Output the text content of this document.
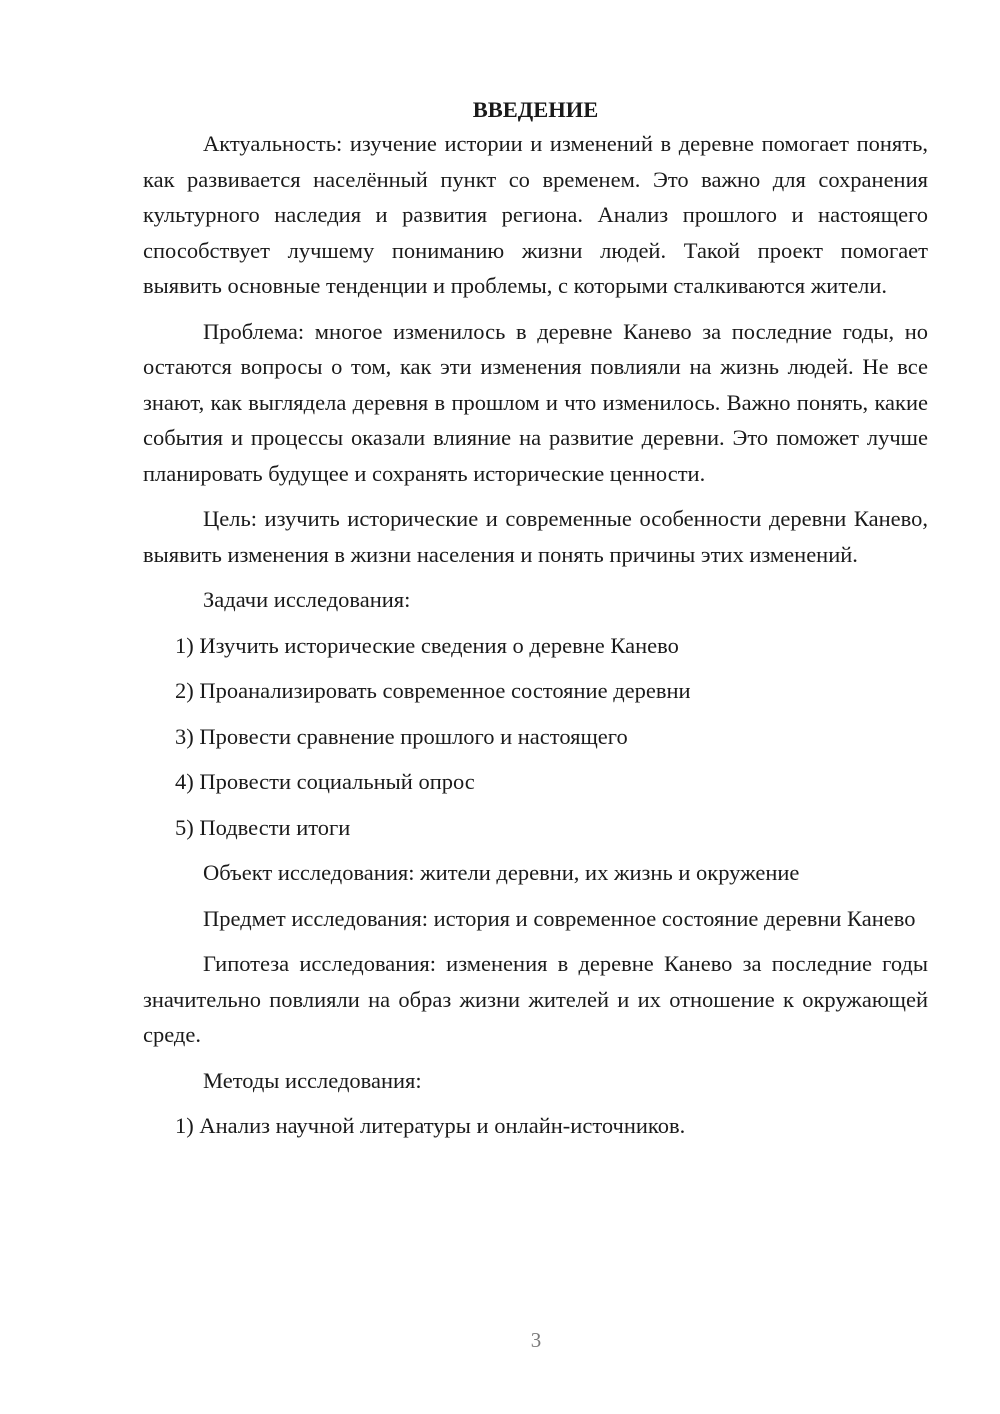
ВВЕДЕНИЕ

Актуальность: изучение истории и изменений в деревне помогает понять, как развивается населённый пункт со временем. Это важно для сохранения культурного наследия и развития региона. Анализ прошлого и настоящего способствует лучшему пониманию жизни людей. Такой проект помогает выявить основные тенденции и проблемы, с которыми сталкиваются жители.

Проблема: многое изменилось в деревне Канево за последние годы, но остаются вопросы о том, как эти изменения повлияли на жизнь людей. Не все знают, как выглядела деревня в прошлом и что изменилось. Важно понять, какие события и процессы оказали влияние на развитие деревни. Это поможет лучше планировать будущее и сохранять исторические ценности.

Цель: изучить исторические и современные особенности деревни Канево, выявить изменения в жизни населения и понять причины этих изменений.

Задачи исследования:

1) Изучить исторические сведения о деревне Канево

2) Проанализировать современное состояние деревни

3) Провести сравнение прошлого и настоящего

4) Провести социальный опрос

5) Подвести итоги

Объект исследования: жители деревни, их жизнь и окружение

Предмет исследования: история и современное состояние деревни Канево

Гипотеза исследования: изменения в деревне Канево за последние годы значительно повлияли на образ жизни жителей и их отношение к окружающей среде.

Методы исследования:

1) Анализ научной литературы и онлайн-источников.

3
